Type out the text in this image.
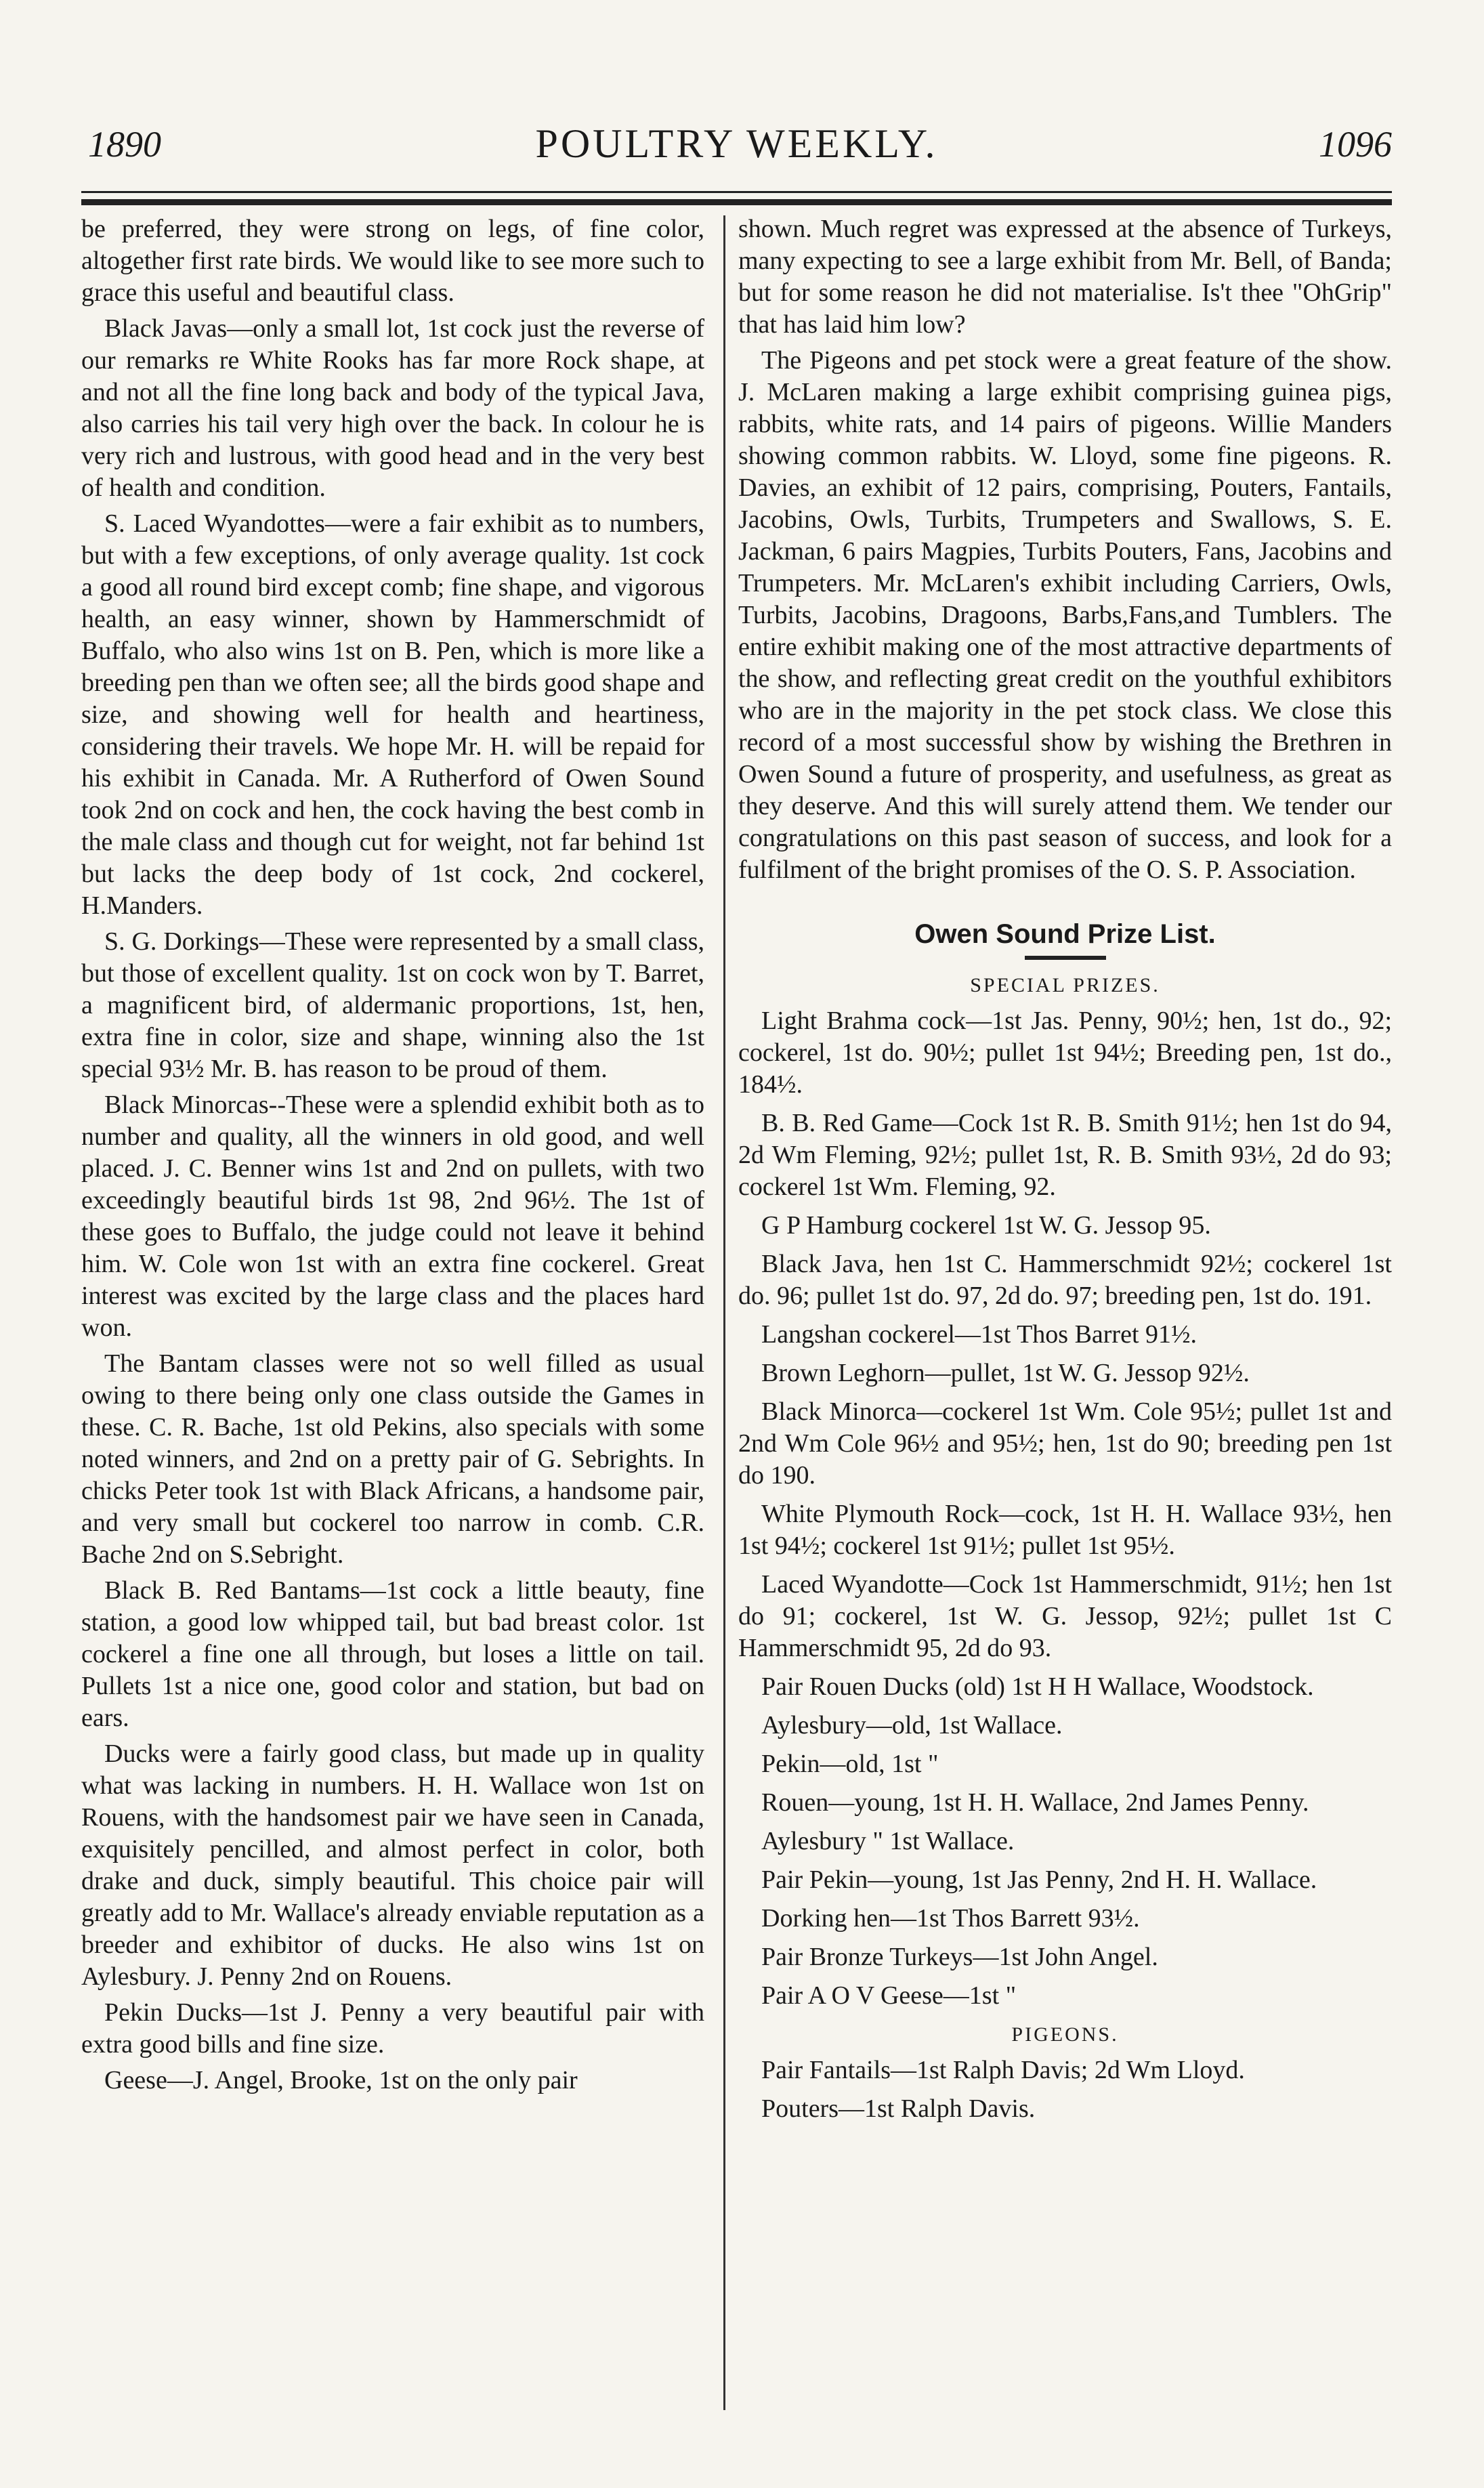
1890	POULTRY WEEKLY.	1096

be preferred, they were strong on legs, of fine color, altogether first rate birds. We would like to see more such to grace this useful and beautiful class.

Black Javas—only a small lot, 1st cock just the reverse of our remarks re White Rooks has far more Rock shape, at and not all the fine long back and body of the typical Java, also carries his tail very high over the back. In colour he is very rich and lustrous, with good head and in the very best of health and condition.

S. Laced Wyandottes—were a fair exhibit as to numbers, but with a few exceptions, of only average quality. 1st cock a good all round bird except comb; fine shape, and vigorous health, an easy winner, shown by Hammerschmidt of Buffalo, who also wins 1st on B. Pen, which is more like a breeding pen than we often see; all the birds good shape and size, and showing well for health and heartiness, considering their travels. We hope Mr. H. will be repaid for his exhibit in Canada. Mr. A Rutherford of Owen Sound took 2nd on cock and hen, the cock having the best comb in the male class and though cut for weight, not far behind 1st but lacks the deep body of 1st cock, 2nd cockerel, H.Manders.

S. G. Dorkings—These were represented by a small class, but those of excellent quality. 1st on cock won by T. Barret, a magnificent bird, of aldermanic proportions, 1st, hen, extra fine in color, size and shape, winning also the 1st special 93½ Mr. B. has reason to be proud of them.

Black Minorcas--These were a splendid exhibit both as to number and quality, all the winners in old good, and well placed. J. C. Benner wins 1st and 2nd on pullets, with two exceedingly beautiful birds 1st 98, 2nd 96½. The 1st of these goes to Buffalo, the judge could not leave it behind him. W. Cole won 1st with an extra fine cockerel. Great interest was excited by the large class and the places hard won.

The Bantam classes were not so well filled as usual owing to there being only one class outside the Games in these. C. R. Bache, 1st old Pekins, also specials with some noted winners, and 2nd on a pretty pair of G. Sebrights. In chicks Peter took 1st with Black Africans, a handsome pair, and very small but cockerel too narrow in comb. C.R. Bache 2nd on S.Sebright.

Black B. Red Bantams—1st cock a little beauty, fine station, a good low whipped tail, but bad breast color. 1st cockerel a fine one all through, but loses a little on tail. Pullets 1st a nice one, good color and station, but bad on ears.

Ducks were a fairly good class, but made up in quality what was lacking in numbers. H. H. Wallace won 1st on Rouens, with the handsomest pair we have seen in Canada, exquisitely pencilled, and almost perfect in color, both drake and duck, simply beautiful. This choice pair will greatly add to Mr. Wallace's already enviable reputation as a breeder and exhibitor of ducks. He also wins 1st on Aylesbury. J. Penny 2nd on Rouens.

Pekin Ducks—1st J. Penny a very beautiful pair with extra good bills and fine size.

Geese—J. Angel, Brooke, 1st on the only pair

shown. Much regret was expressed at the absence of Turkeys, many expecting to see a large exhibit from Mr. Bell, of Banda; but for some reason he did not materialise. Is't thee "OhGrip" that has laid him low?

The Pigeons and pet stock were a great feature of the show. J. McLaren making a large exhibit comprising guinea pigs, rabbits, white rats, and 14 pairs of pigeons. Willie Manders showing common rabbits. W. Lloyd, some fine pigeons. R. Davies, an exhibit of 12 pairs, comprising, Pouters, Fantails, Jacobins, Owls, Turbits, Trumpeters and Swallows, S. E. Jackman, 6 pairs Magpies, Turbits Pouters, Fans, Jacobins and Trumpeters. Mr. McLaren's exhibit including Carriers, Owls, Turbits, Jacobins, Dragoons, Barbs,Fans,and Tumblers. The entire exhibit making one of the most attractive departments of the show, and reflecting great credit on the youthful exhibitors who are in the majority in the pet stock class. We close this record of a most successful show by wishing the Brethren in Owen Sound a future of prosperity, and usefulness, as great as they deserve. And this will surely attend them. We tender our congratulations on this past season of success, and look for a fulfilment of the bright promises of the O. S. P. Association.

Owen Sound Prize List.
SPECIAL PRIZES.

Light Brahma cock—1st Jas. Penny, 90½; hen, 1st do., 92; cockerel, 1st do. 90½; pullet 1st 94½; Breeding pen, 1st do., 184½.

B. B. Red Game—Cock 1st R. B. Smith 91½; hen 1st do 94, 2d Wm Fleming, 92½; pullet 1st, R. B. Smith 93½, 2d do 93; cockerel 1st Wm. Fleming, 92.

G P Hamburg cockerel 1st W. G. Jessop 95.

Black Java, hen 1st C. Hammerschmidt 92½; cockerel 1st do. 96; pullet 1st do. 97, 2d do. 97; breeding pen, 1st do. 191.

Langshan cockerel—1st Thos Barret 91½.

Brown Leghorn—pullet, 1st W. G. Jessop 92½.

Black Minorca—cockerel 1st Wm. Cole 95½; pullet 1st and 2nd Wm Cole 96½ and 95½; hen, 1st do 90; breeding pen 1st do 190.

White Plymouth Rock—cock, 1st H. H. Wallace 93½, hen 1st 94½; cockerel 1st 91½; pullet 1st 95½.

Laced Wyandotte—Cock 1st Hammerschmidt, 91½; hen 1st do 91; cockerel, 1st W. G. Jessop, 92½; pullet 1st C Hammerschmidt 95, 2d do 93.

Pair Rouen Ducks (old) 1st H H Wallace, Woodstock.

Aylesbury—old, 1st Wallace.

Pekin—old, 1st "

Rouen—young, 1st H. H. Wallace, 2nd James Penny.

Aylesbury " 1st Wallace.

Pair Pekin—young, 1st Jas Penny, 2nd H. H. Wallace.

Dorking hen—1st Thos Barrett 93½.

Pair Bronze Turkeys—1st John Angel.

Pair A O V Geese—1st "

PIGEONS.

Pair Fantails—1st Ralph Davis; 2d Wm Lloyd.

Pouters—1st Ralph Davis.
